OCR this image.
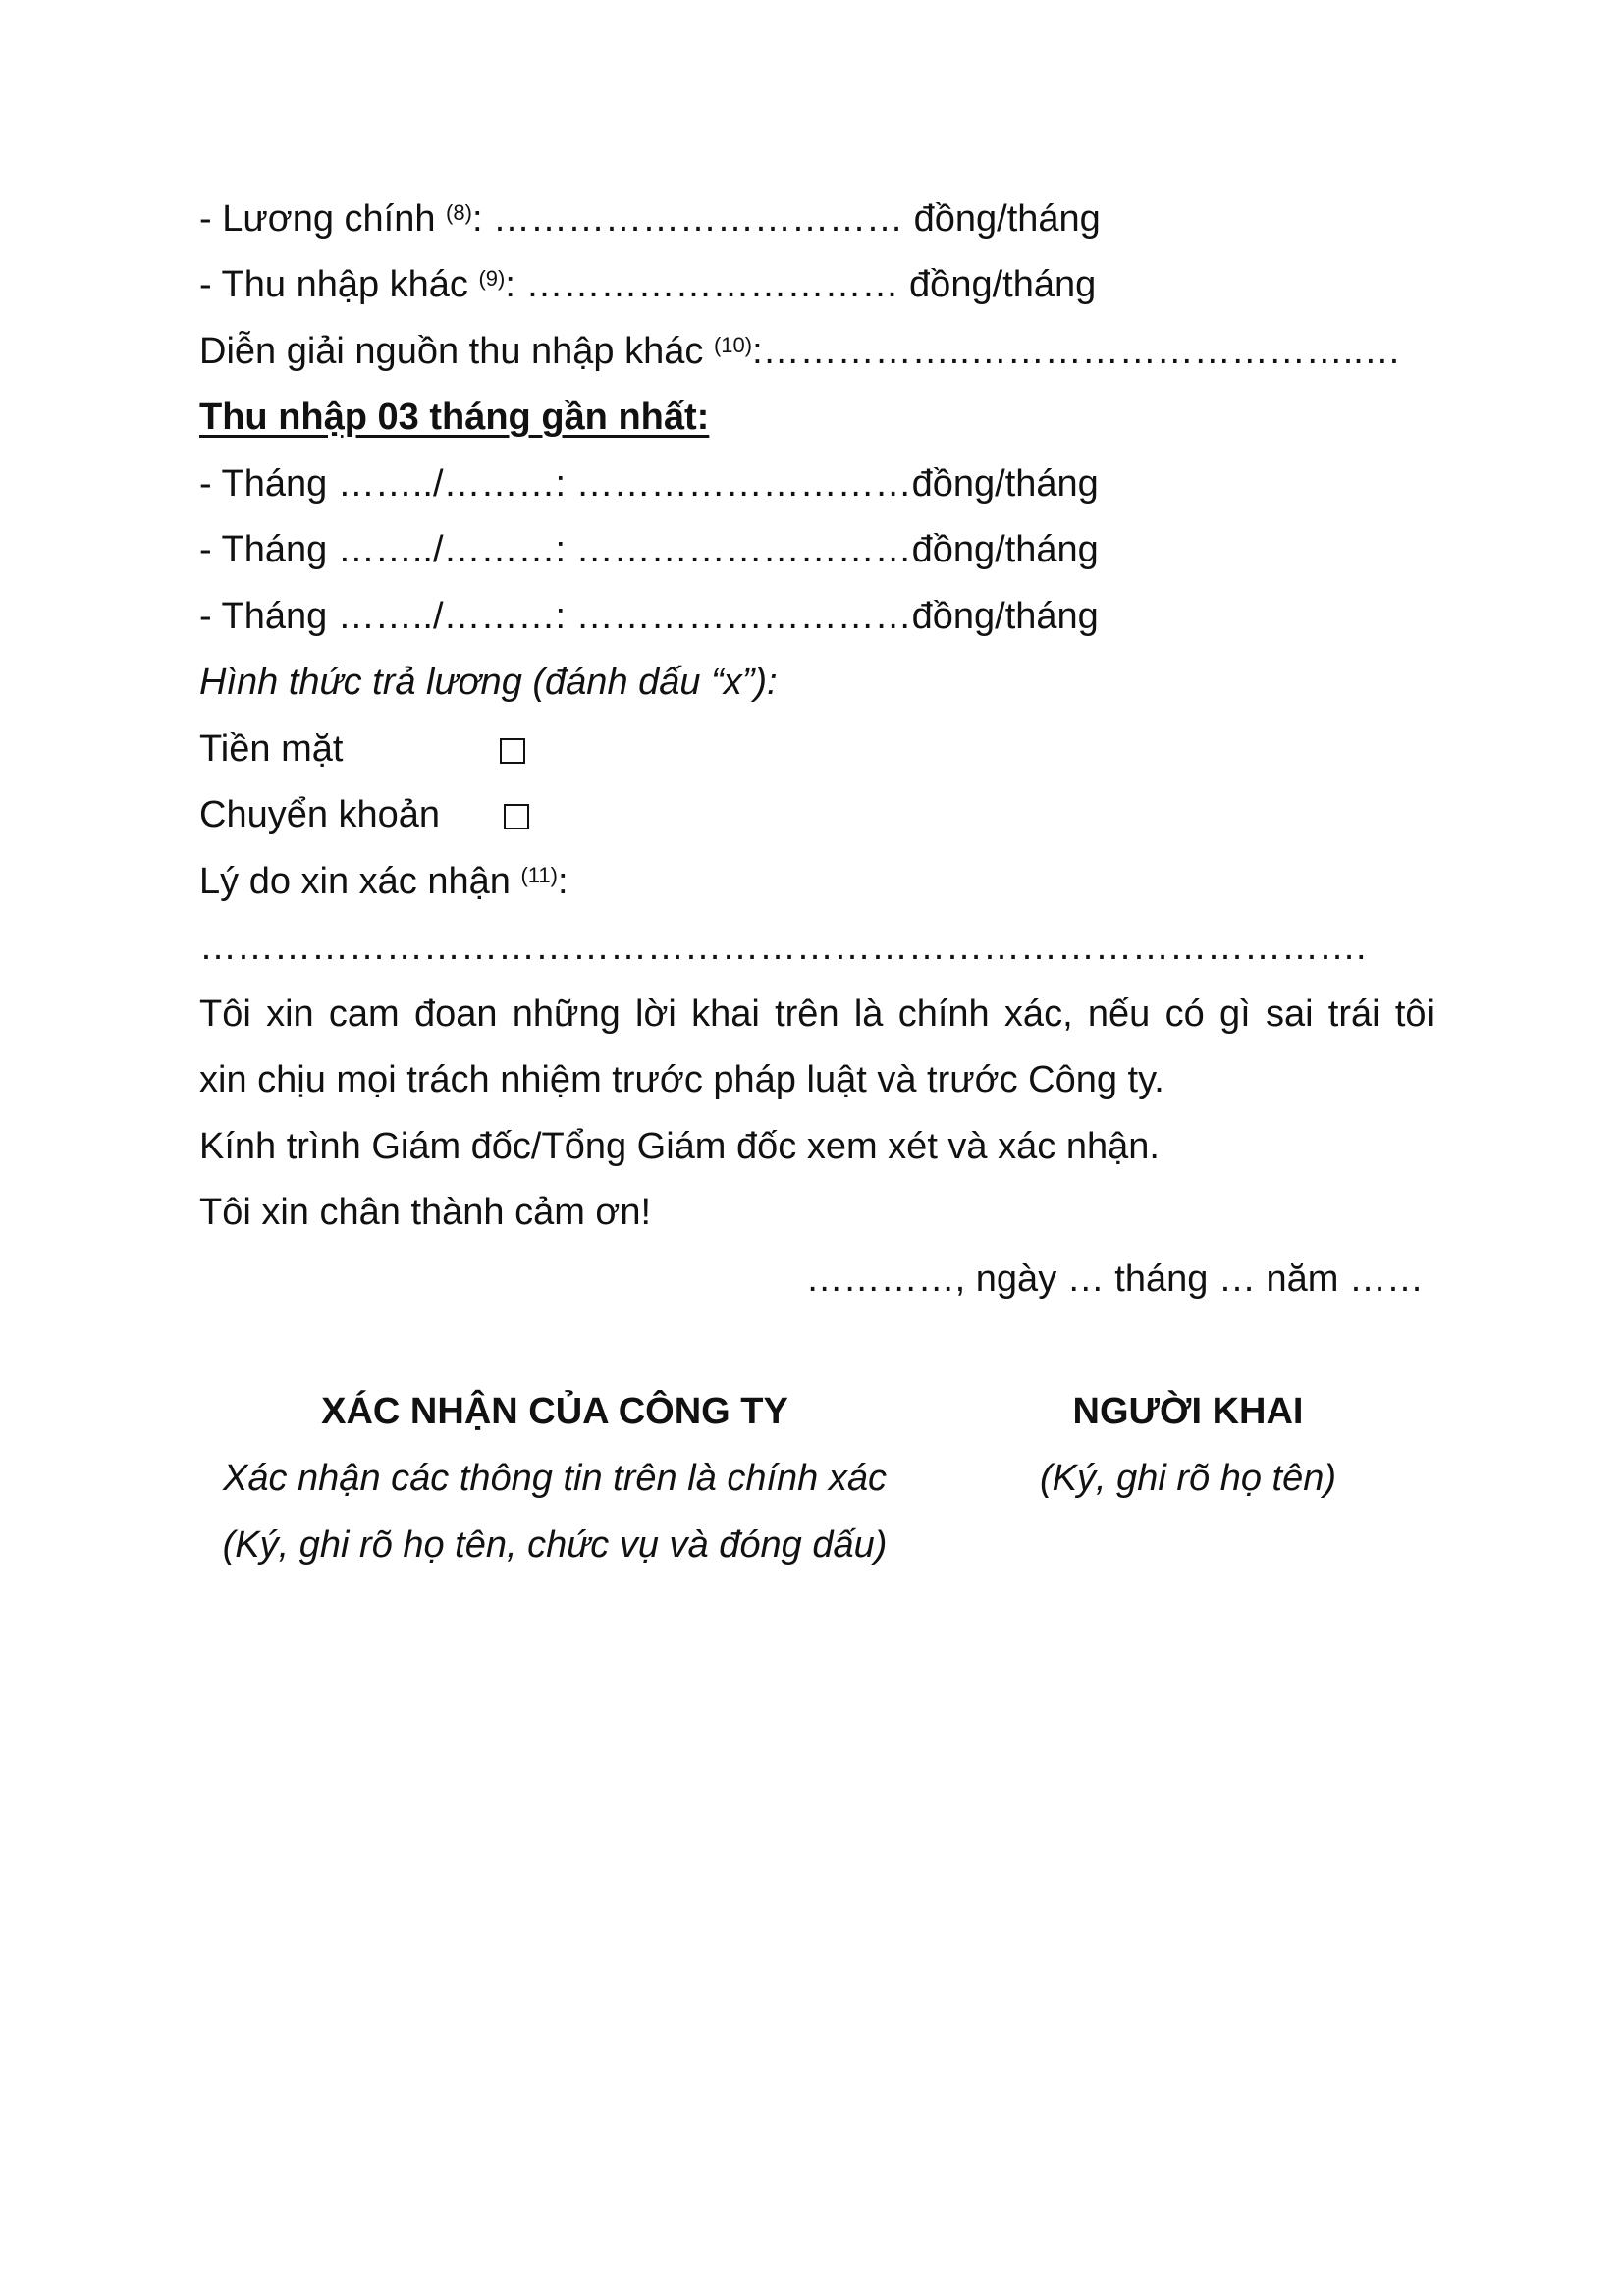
- Lương chính $^{(8)}$: …………………………… đồng/tháng
- Thu nhập khác $^{(9)}$: ………………………… đồng/tháng
Diễn giải nguồn thu nhập khác $^{(10)}$:……………..…………………………..…
Thu nhập 03 tháng gần nhất:
- Tháng ……../………: ………………………đồng/tháng
- Tháng ……../………: ………………………đồng/tháng
- Tháng ……../………: ………………………đồng/tháng
Hình thức trả lương (đánh dấu “x”):
Tiền mặt
Chuyển khoản
Lý do xin xác nhận $^{(11)}$:
………………………………………………………………………………….
Tôi xin cam đoan những lời khai trên là chính xác, nếu có gì sai trái tôi
xin chịu mọi trách nhiệm trước pháp luật và trước Công ty.
Kính trình Giám đốc/Tổng Giám đốc xem xét và xác nhận.
Tôi xin chân thành cảm ơn!
…………, ngày … tháng … năm ……
XÁC NHẬN CỦA CÔNG TY
Xác nhận các thông tin trên là chính xác
(Ký, ghi rõ họ tên, chức vụ và đóng dấu)
NGƯỜI KHAI
(Ký, ghi rõ họ tên)
